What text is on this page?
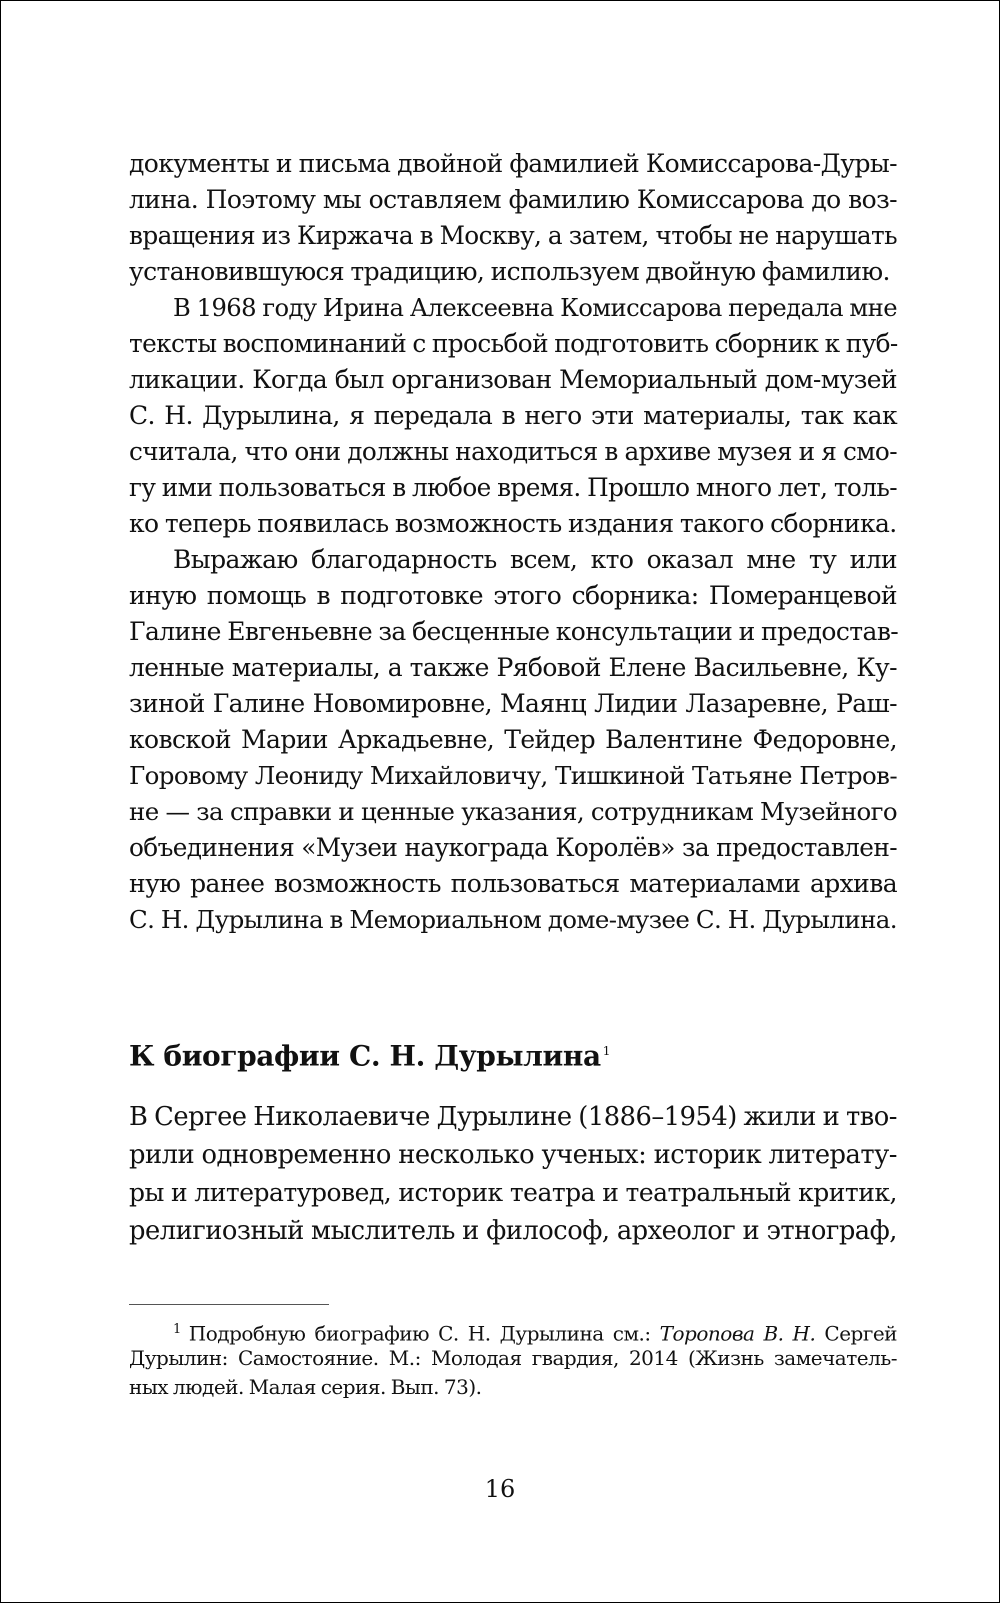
документы и письма двойной фамилией Комиссарова-Дуры-
лина. Поэтому мы оставляем фамилию Комиссарова до воз-
вращения из Киржача в Москву, а затем, чтобы не нарушать
установившуюся традицию, используем двойную фамилию.
В 1968 году Ирина Алексеевна Комиссарова передала мне
тексты воспоминаний с просьбой подготовить сборник к пуб-
ликации. Когда был организован Мемориальный дом-музей
С. Н. Дурылина, я передала в него эти материалы, так как
считала, что они должны находиться в архиве музея и я смо-
гу ими пользоваться в любое время. Прошло много лет, толь-
ко теперь появилась возможность издания такого сборника.
Выражаю благодарность всем, кто оказал мне ту или
иную помощь в подготовке этого сборника: Померанцевой
Галине Евгеньевне за бесценные консультации и предостав-
ленные материалы, а также Рябовой Елене Васильевне, Ку-
зиной Галине Новомировне, Маянц Лидии Лазаревне, Раш-
ковской Марии Аркадьевне, Тейдер Валентине Федоровне,
Горовому Леониду Михайловичу, Тишкиной Татьяне Петров-
не — за справки и ценные указания, сотрудникам Музейного
объединения «Музеи наукограда Королёв» за предоставлен-
ную ранее возможность пользоваться материалами архива
С. Н. Дурылина в Мемориальном доме-музее С. Н. Дурылина.
К биографии С. Н. Дурылина $^1$
В Сергее Николаевиче Дурылине (1886–1954) жили и тво-
рили одновременно несколько ученых: историк литерату-
ры и литературовед, историк театра и театральный критик,
религиозный мыслитель и философ, археолог и этнограф,
$^1$ Подробную биографию С. Н. Дурылина см.: Торопова В. Н. Сергей
Дурылин: Самостояние. М.: Молодая гвардия, 2014 (Жизнь замечатель-
ных людей. Малая серия. Вып. 73).
16
